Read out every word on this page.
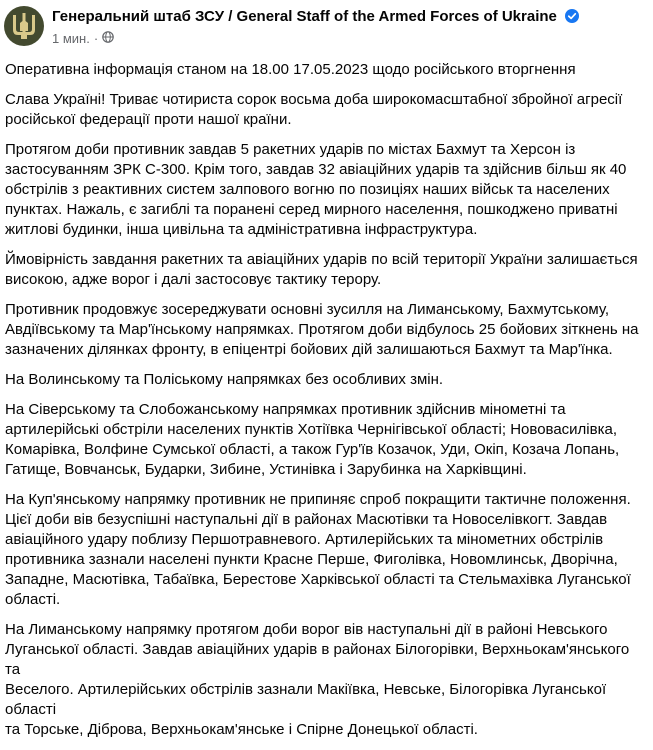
Генеральний штаб ЗСУ / General Staff of the Armed Forces of Ukraine
1 мин. ·

Оперативна інформація станом на 18.00 17.05.2023 щодо російського вторгнення

Слава Україні! Триває чотириста сорок восьма доба широкомасштабної збройної агресії
російської федерації проти нашої країни.

Протягом доби противник завдав 5 ракетних ударів по містах Бахмут та Херсон із
застосуванням ЗРК С-300. Крім того, завдав 32 авіаційних ударів та здійснив більш як 40
обстрілів з реактивних систем залпового вогню по позиціях наших військ та населених
пунктах. Нажаль, є загиблі та поранені серед мирного населення, пошкоджено приватні
житлові будинки, інша цивільна та адміністративна інфраструктура.

Ймовірність завдання ракетних та авіаційних ударів по всій території України залишається
високою, адже ворог і далі застосовує тактику терору.

Противник продовжує зосереджувати основні зусилля на Лиманському, Бахмутському,
Авдіївському та Мар'їнському напрямках. Протягом доби відбулось 25 бойових зіткнень на
зазначених ділянках фронту, в епіцентрі бойових дій залишаються Бахмут та Мар'їнка.

На Волинському та Поліському напрямках без особливих змін.

На Сіверському та Слобожанському напрямках противник здійснив мінометні та
артилерійські обстріли населених пунктів Хотіївка Чернігівської області; Нововасилівка,
Комарівка, Волфине Сумської області, а також Гур'їв Козачок, Уди, Окіп, Козача Лопань,
Гатище, Вовчанськ, Бударки, Зибине, Устинівка і Зарубинка на Харківщині.

На Куп'янському напрямку противник не припиняє спроб покращити тактичне положення.
Цієї доби вів безуспішні наступальні дії в районах Масютівки та Новоселівкогт. Завдав
авіаційного удару поблизу Першотравневого. Артилерійських та мінометних обстрілів
противника зазнали населені пункти Красне Перше, Фиголівка, Новомлинськ, Дворічна,
Западне, Масютівка, Табаївка, Берестове Харківської області та Стельмахівка Луганської
області.

На Лиманському напрямку протягом доби ворог вів наступальні дії в районі Невського
Луганської області. Завдав авіаційних ударів в районах Білогорівки, Верхньокам'янського та
Веселого. Артилерійських обстрілів зазнали Макіївка, Невське, Білогорівка Луганської області
та Торське, Діброва, Верхньокам'янське і Спірне Донецької області.
